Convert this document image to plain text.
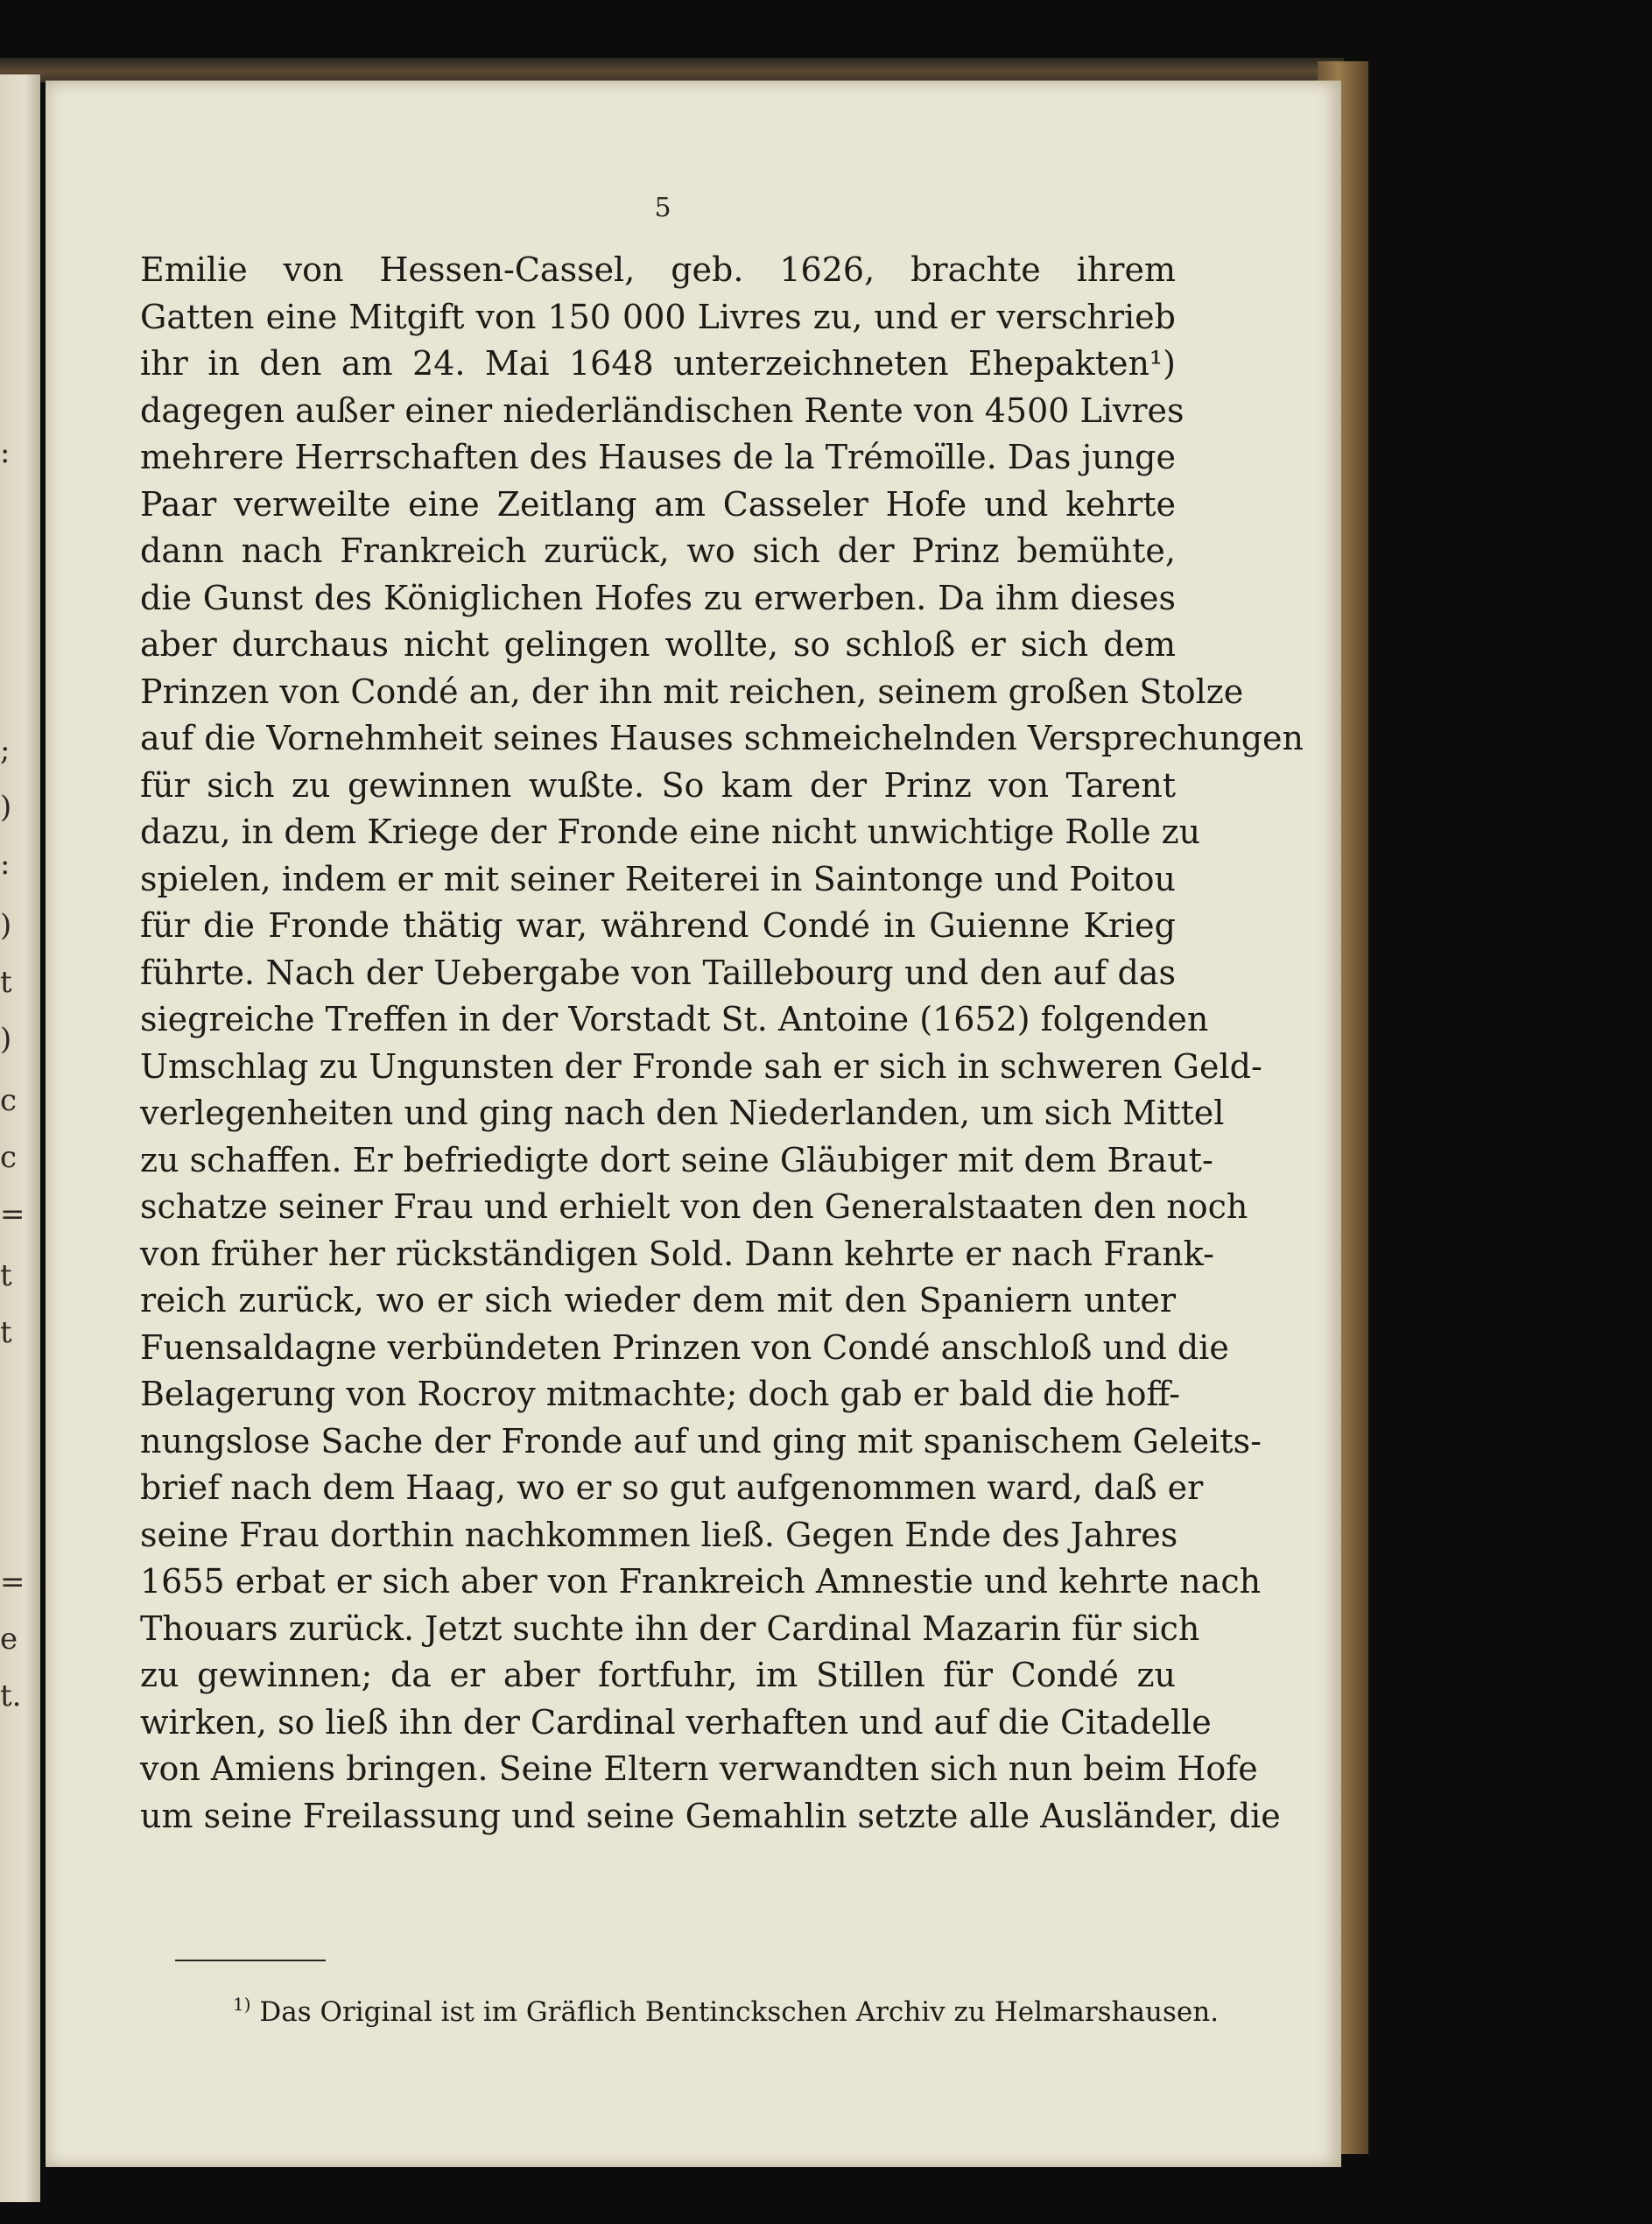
:
;
)
:
)
t
)
c
c
=
t
t
=
e
t.
5
Emilie von Hessen-Cassel, geb. 1626, brachte ihrem
Gatten eine Mitgift von 150 000 Livres zu, und er verschrieb
ihr in den am 24. Mai 1648 unterzeichneten Ehepakten¹)
dagegen außer einer niederländischen Rente von 4500 Livres
mehrere Herrschaften des Hauses de la Trémoïlle. Das junge
Paar verweilte eine Zeitlang am Casseler Hofe und kehrte
dann nach Frankreich zurück, wo sich der Prinz bemühte,
die Gunst des Königlichen Hofes zu erwerben. Da ihm dieses
aber durchaus nicht gelingen wollte, so schloß er sich dem
Prinzen von Condé an, der ihn mit reichen, seinem großen Stolze
auf die Vornehmheit seines Hauses schmeichelnden Versprechungen
für sich zu gewinnen wußte. So kam der Prinz von Tarent
dazu, in dem Kriege der Fronde eine nicht unwichtige Rolle zu
spielen, indem er mit seiner Reiterei in Saintonge und Poitou
für die Fronde thätig war, während Condé in Guienne Krieg
führte. Nach der Uebergabe von Taillebourg und den auf das
siegreiche Treffen in der Vorstadt St. Antoine (1652) folgenden
Umschlag zu Ungunsten der Fronde sah er sich in schweren Geld-
verlegenheiten und ging nach den Niederlanden, um sich Mittel
zu schaffen. Er befriedigte dort seine Gläubiger mit dem Braut-
schatze seiner Frau und erhielt von den Generalstaaten den noch
von früher her rückständigen Sold. Dann kehrte er nach Frank-
reich zurück, wo er sich wieder dem mit den Spaniern unter
Fuensaldagne verbündeten Prinzen von Condé anschloß und die
Belagerung von Rocroy mitmachte; doch gab er bald die hoff-
nungslose Sache der Fronde auf und ging mit spanischem Geleits-
brief nach dem Haag, wo er so gut aufgenommen ward, daß er
seine Frau dorthin nachkommen ließ. Gegen Ende des Jahres
1655 erbat er sich aber von Frankreich Amnestie und kehrte nach
Thouars zurück. Jetzt suchte ihn der Cardinal Mazarin für sich
zu gewinnen; da er aber fortfuhr, im Stillen für Condé zu
wirken, so ließ ihn der Cardinal verhaften und auf die Citadelle
von Amiens bringen. Seine Eltern verwandten sich nun beim Hofe
um seine Freilassung und seine Gemahlin setzte alle Ausländer, die
$^{1)}$ Das Original ist im Gräflich Bentinckschen Archiv zu Helmarshausen.
